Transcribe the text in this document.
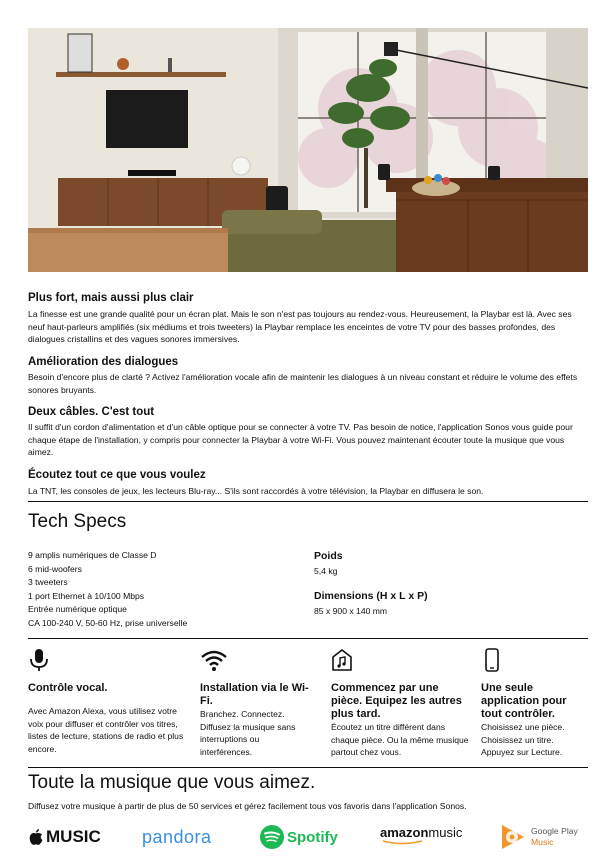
Plus fort, mais aussi plus clair

La finesse est une grande qualité pour un écran plat. Mais le son n'est pas toujours au rendez-vous. Heureusement, la Playbar est là. Avec ses neuf haut-parleurs amplifiés (six médiums et trois tweeters) la Playbar remplace les enceintes de votre TV pour des basses profondes, des dialogues cristallins et des vagues sonores immersives.

Amélioration des dialogues

Besoin d'encore plus de clarté ? Activez l'amélioration vocale afin de maintenir les dialogues à un niveau constant et réduire le volume des effets sonores bruyants.

Deux câbles. C'est tout

Il suffit d'un cordon d'alimentation et d'un câble optique pour se connecter à votre TV. Pas besoin de notice, l'application Sonos vous guide pour chaque étape de l'installation, y compris pour connecter la Playbar à votre Wi-Fi. Vous pouvez maintenant écouter toute la musique que vous aimez.

Écoutez tout ce que vous voulez

La TNT, les consoles de jeux, les lecteurs Blu-ray... S'ils sont raccordés à votre télévision, la Playbar en diffusera le son.

Tech Specs
9 amplis numériques de Classe D
6 mid-woofers
3 tweeters
1 port Ethernet à 10/100 Mbps
Entrée numérique optique
CA 100-240 V, 50-60 Hz, prise universelle
Poids
5,4 kg
Dimensions (H x L x P)
85 x 900 x 140 mm
Contrôle vocal.
Avec Amazon Alexa, vous utilisez votre voix pour diffuser et contrôler vos titres, listes de lecture, stations de radio et plus encore.
Installation via le Wi-Fi.
Branchez. Connectez. Diffusez la musique sans interruptions ou interférences.
Commencez par une pièce. Equipez les autres plus tard.
Écoutez un titre différent dans chaque pièce. Ou la même musique partout chez vous.
Une seule application pour tout contrôler.
Choisissez une pièce. Choisissez un titre. Appuyez sur Lecture.
Toute la musique que vous aimez.
Diffusez votre musique à partir de plus de 50 services et gérez facilement tous vos favoris dans l'application Sonos.
MUSIC pandora	Spotify	amazon music	Google Play
Music
